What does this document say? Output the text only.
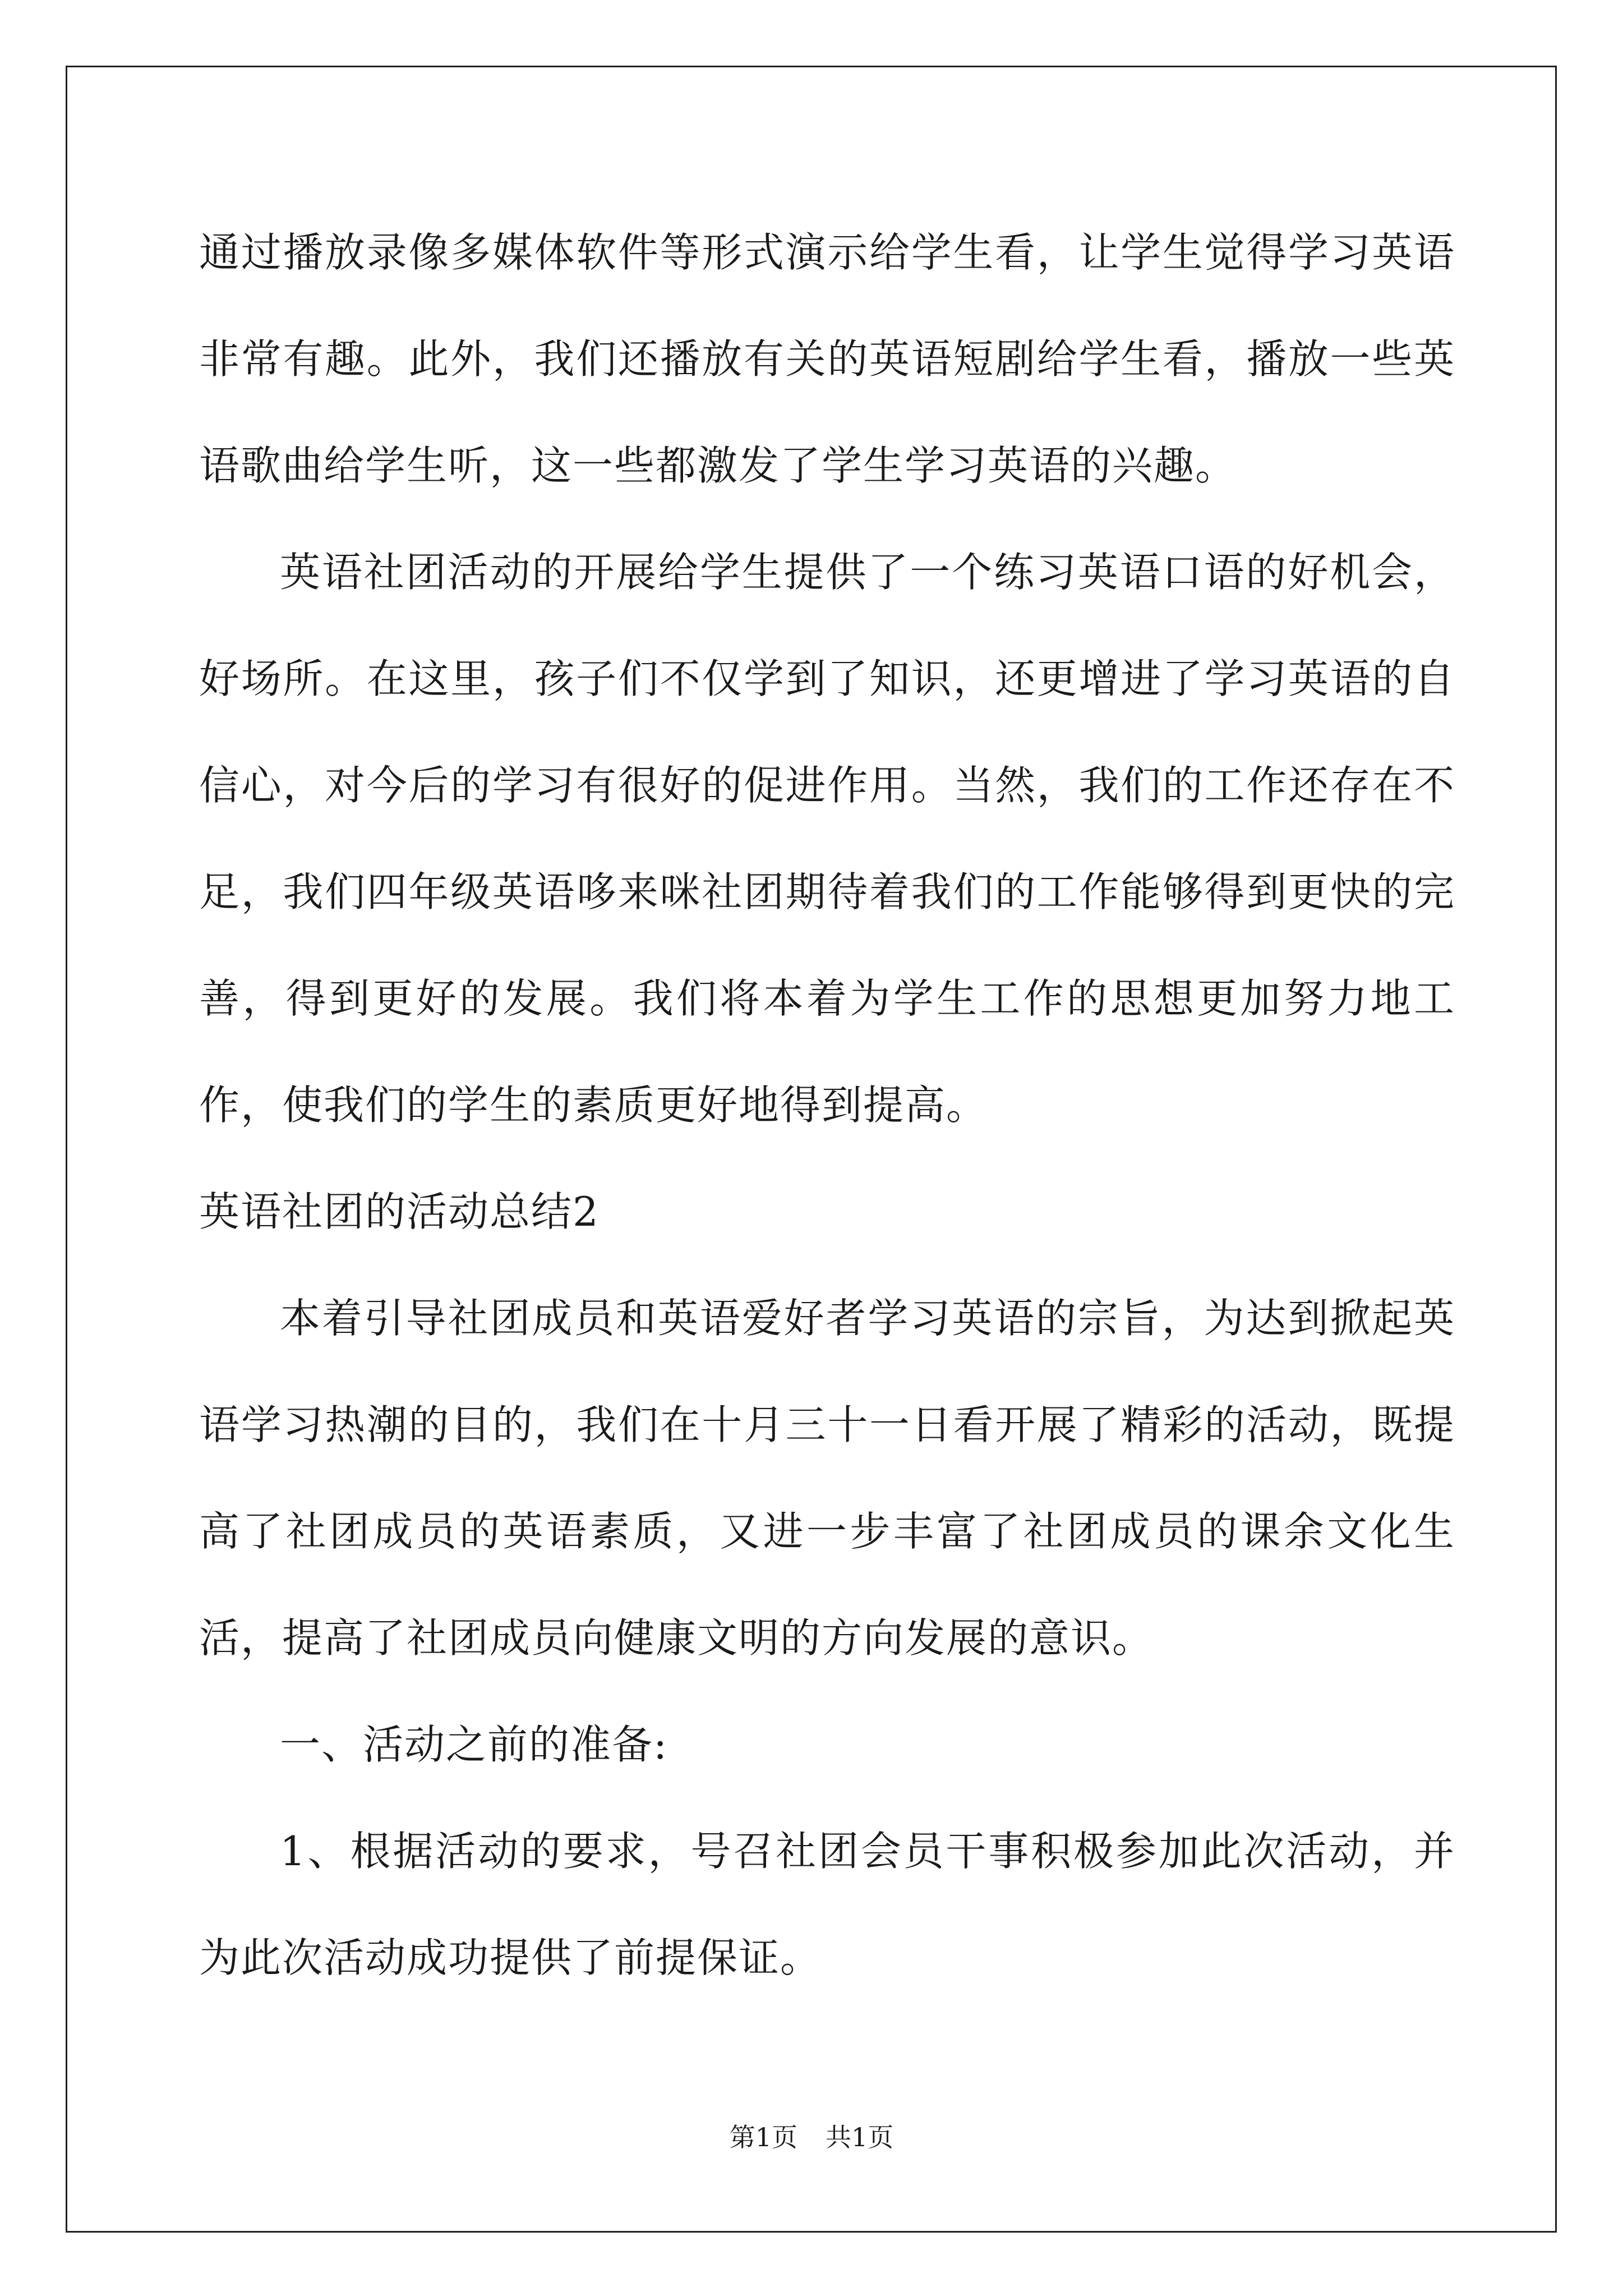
通过播放录像多媒体软件等形式演示给学生看，让学生觉得学习英语非常有趣。此外，我们还播放有关的英语短剧给学生看，播放一些英语歌曲给学生听，这一些都激发了学生学习英语的兴趣。

英语社团活动的开展给学生提供了一个练习英语口语的好机会，好场所。在这里，孩子们不仅学到了知识，还更增进了学习英语的自信心，对今后的学习有很好的促进作用。当然，我们的工作还存在不足，我们四年级英语哆来咪社团期待着我们的工作能够得到更快的完善，得到更好的发展。我们将本着为学生工作的思想更加努力地工作，使我们的学生的素质更好地得到提高。

英语社团的活动总结2

本着引导社团成员和英语爱好者学习英语的宗旨，为达到掀起英语学习热潮的目的，我们在十月三十一日看开展了精彩的活动，既提高了社团成员的英语素质，又进一步丰富了社团成员的课余文化生活，提高了社团成员向健康文明的方向发展的意识。

一、活动之前的准备:

1、根据活动的要求，号召社团会员干事积极参加此次活动，并为此次活动成功提供了前提保证。

第1页 共1页
